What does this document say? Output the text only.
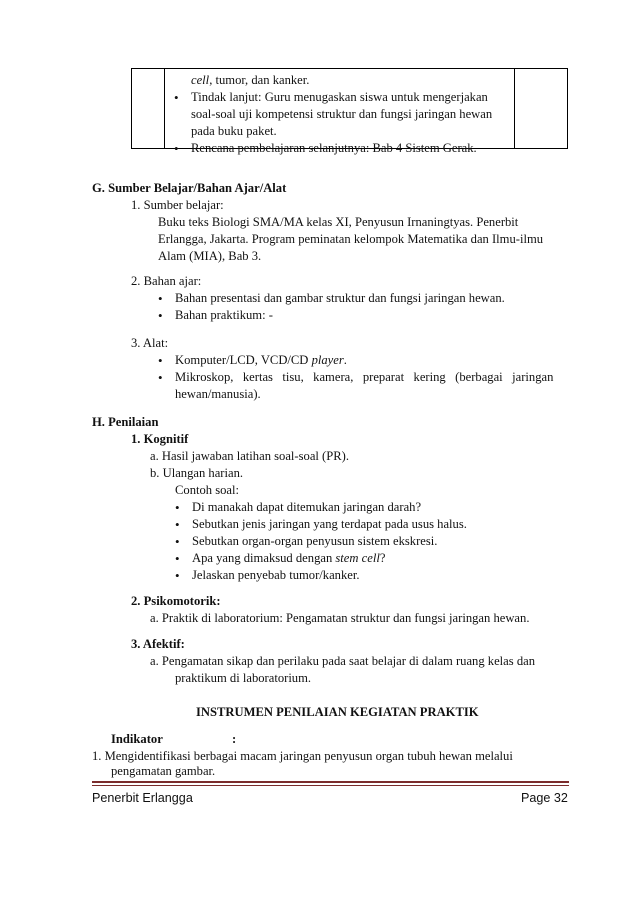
cell, tumor, dan kanker.
• Tindak lanjut: Guru menugaskan siswa untuk mengerjakan
soal-soal uji kompetensi struktur dan fungsi jaringan hewan
pada buku paket.
• Rencana pembelajaran selanjutnya: Bab 4 Sistem Gerak.
G. Sumber Belajar/Bahan Ajar/Alat
1. Sumber belajar:
Buku teks Biologi SMA/MA kelas XI, Penyusun Irnaningtyas. Penerbit
Erlangga, Jakarta. Program peminatan kelompok Matematika dan Ilmu-ilmu
Alam (MIA), Bab 3.
2. Bahan ajar:
• Bahan presentasi dan gambar struktur dan fungsi jaringan hewan.
• Bahan praktikum: -
3. Alat:
• Komputer/LCD, VCD/CD player.
• Mikroskop,   kertas   tisu,   kamera,   preparat   kering   (berbagai   jaringan
hewan/manusia).
H. Penilaian
1. Kognitif
a. Hasil jawaban latihan soal-soal (PR).
b. Ulangan harian.
Contoh soal:
• Di manakah dapat ditemukan jaringan darah?
• Sebutkan jenis jaringan yang terdapat pada usus halus.
• Sebutkan organ-organ penyusun sistem ekskresi.
• Apa yang dimaksud dengan stem cell?
• Jelaskan penyebab tumor/kanker.
2. Psikomotorik:
a. Praktik di laboratorium: Pengamatan struktur dan fungsi jaringan hewan.
3. Afektif:
a. Pengamatan sikap dan perilaku pada saat belajar di dalam ruang kelas dan
praktikum di laboratorium.
INSTRUMEN PENILAIAN KEGIATAN PRAKTIK
Indikator	:
1. Mengidentifikasi berbagai macam jaringan penyusun organ tubuh hewan melalui
pengamatan gambar.
Penerbit Erlangga	Page 32
